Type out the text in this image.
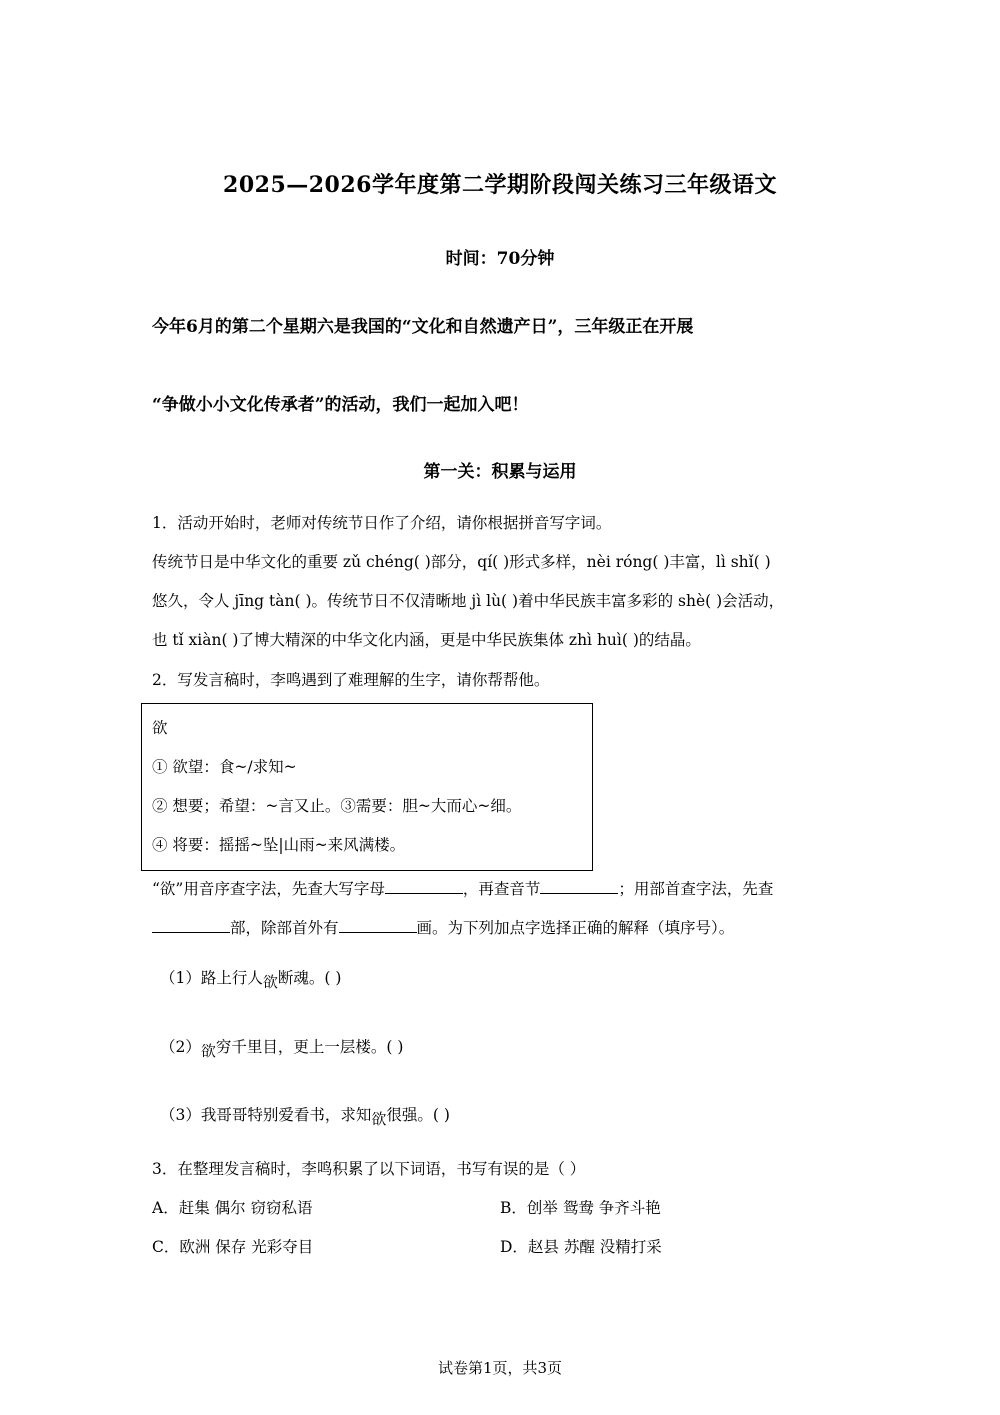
2025—2026学年度第二学期阶段闯关练习三年级语文
时间：70分钟
今年6月的第二个星期六是我国的“文化和自然遗产日”，三年级正在开展
“争做小小文化传承者”的活动，我们一起加入吧！
第一关：积累与运用
1．活动开始时，老师对传统节日作了介绍，请你根据拼音写字词。
传统节日是中华文化的重要 zǔ chéng( )部分，qí( )形式多样，nèi róng( )丰富，lì shǐ( )
悠久，令人 jīng tàn( )。传统节日不仅清晰地 jì lù( )着中华民族丰富多彩的 shè( )会活动，
也 tǐ xiàn( )了博大精深的中华文化内涵，更是中华民族集体 zhì huì( )的结晶。
2．写发言稿时，李鸣遇到了难理解的生字，请你帮帮他。
欲
① 欲望：食~/求知~
② 想要；希望：~言又止。③需要：胆~大而心~细。
④ 将要：摇摇~坠|山雨~来风满楼。
“欲”用音序查字法，先查大写字母	，再查音节	；用部首查字法，先查
部，除部首外有	画。为下列加点字选择正确的解释（填序号）。
（1）路上行人欲断魂。( )
（2）欲穷千里目，更上一层楼。( )
（3）我哥哥特别爱看书，求知欲很强。( )
3．在整理发言稿时，李鸣积累了以下词语，书写有误的是（ ）
A．赶集 偶尔 窃窃私语	B．创举 鸳鸯 争齐斗艳
C．欧洲 保存 光彩夺目	D．赵县 苏醒 没精打采
试卷第1页，共3页
